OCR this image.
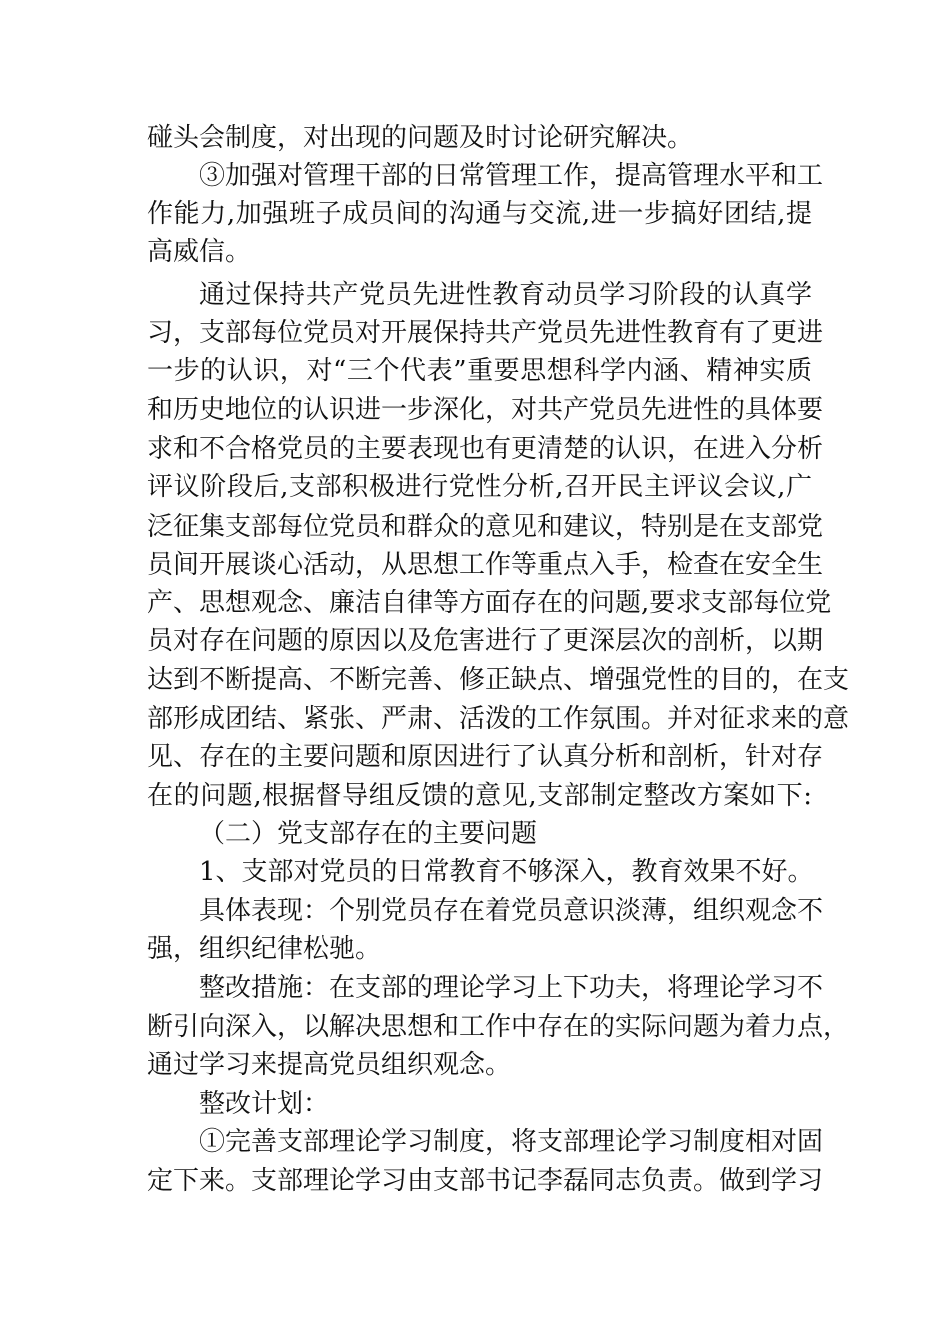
碰头会制度，对出现的问题及时讨论研究解决。
③加强对管理干部的日常管理工作，提高管理水平和工
作能力,加强班子成员间的沟通与交流,进一步搞好团结,提
高威信。
通过保持共产党员先进性教育动员学习阶段的认真学
习，支部每位党员对开展保持共产党员先进性教育有了更进
一步的认识，对“三个代表”重要思想科学内涵、精神实质
和历史地位的认识进一步深化，对共产党员先进性的具体要
求和不合格党员的主要表现也有更清楚的认识，在进入分析
评议阶段后,支部积极进行党性分析,召开民主评议会议,广
泛征集支部每位党员和群众的意见和建议，特别是在支部党
员间开展谈心活动，从思想工作等重点入手，检查在安全生
产、思想观念、廉洁自律等方面存在的问题,要求支部每位党
员对存在问题的原因以及危害进行了更深层次的剖析，以期
达到不断提高、不断完善、修正缺点、增强党性的目的，在支
部形成团结、紧张、严肃、活泼的工作氛围。并对征求来的意
见、存在的主要问题和原因进行了认真分析和剖析，针对存
在的问题,根据督导组反馈的意见,支部制定整改方案如下:
（二）党支部存在的主要问题
1、支部对党员的日常教育不够深入，教育效果不好。
具体表现：个别党员存在着党员意识淡薄，组织观念不
强，组织纪律松驰。
整改措施：在支部的理论学习上下功夫，将理论学习不
断引向深入，以解决思想和工作中存在的实际问题为着力点，
通过学习来提高党员组织观念。
整改计划：
①完善支部理论学习制度，将支部理论学习制度相对固
定下来。支部理论学习由支部书记李磊同志负责。做到学习
